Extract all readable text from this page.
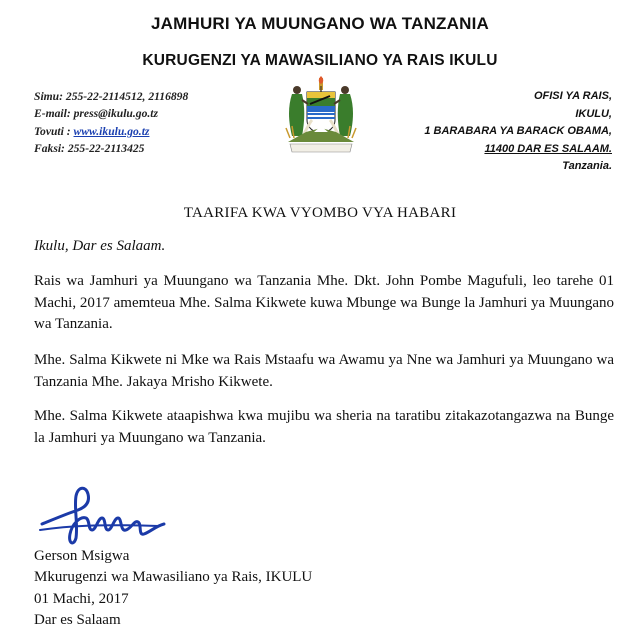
JAMHURI YA MUUNGANO WA TANZANIA
KURUGENZI YA MAWASILIANO YA RAIS IKULU
Simu: 255-22-2114512, 2116898
E-mail: press@ikulu.go.tz
Tovuti : www.ikulu.go.tz
Faksi: 255-22-2113425
OFISI YA RAIS,
IKULU,
1 BARABARA YA BARACK OBAMA,
11400 DAR ES SALAAM.
Tanzania.
TAARIFA KWA VYOMBO VYA HABARI
Ikulu, Dar es Salaam.

Rais wa Jamhuri ya Muungano wa Tanzania Mhe. Dkt. John Pombe Magufuli, leo tarehe 01 Machi, 2017 amemteua Mhe. Salma Kikwete kuwa Mbunge wa Bunge la Jamhuri ya Muungano wa Tanzania.

Mhe. Salma Kikwete ni Mke wa Rais Mstaafu wa Awamu ya Nne wa Jamhuri ya Muungano wa Tanzania Mhe. Jakaya Mrisho Kikwete.

Mhe. Salma Kikwete ataapishwa kwa mujibu wa sheria na taratibu zitakazotangazwa na Bunge la Jamhuri ya Muungano wa Tanzania.

Gerson Msigwa
Mkurugenzi wa Mawasiliano ya Rais, IKULU
01 Machi, 2017
Dar es Salaam
